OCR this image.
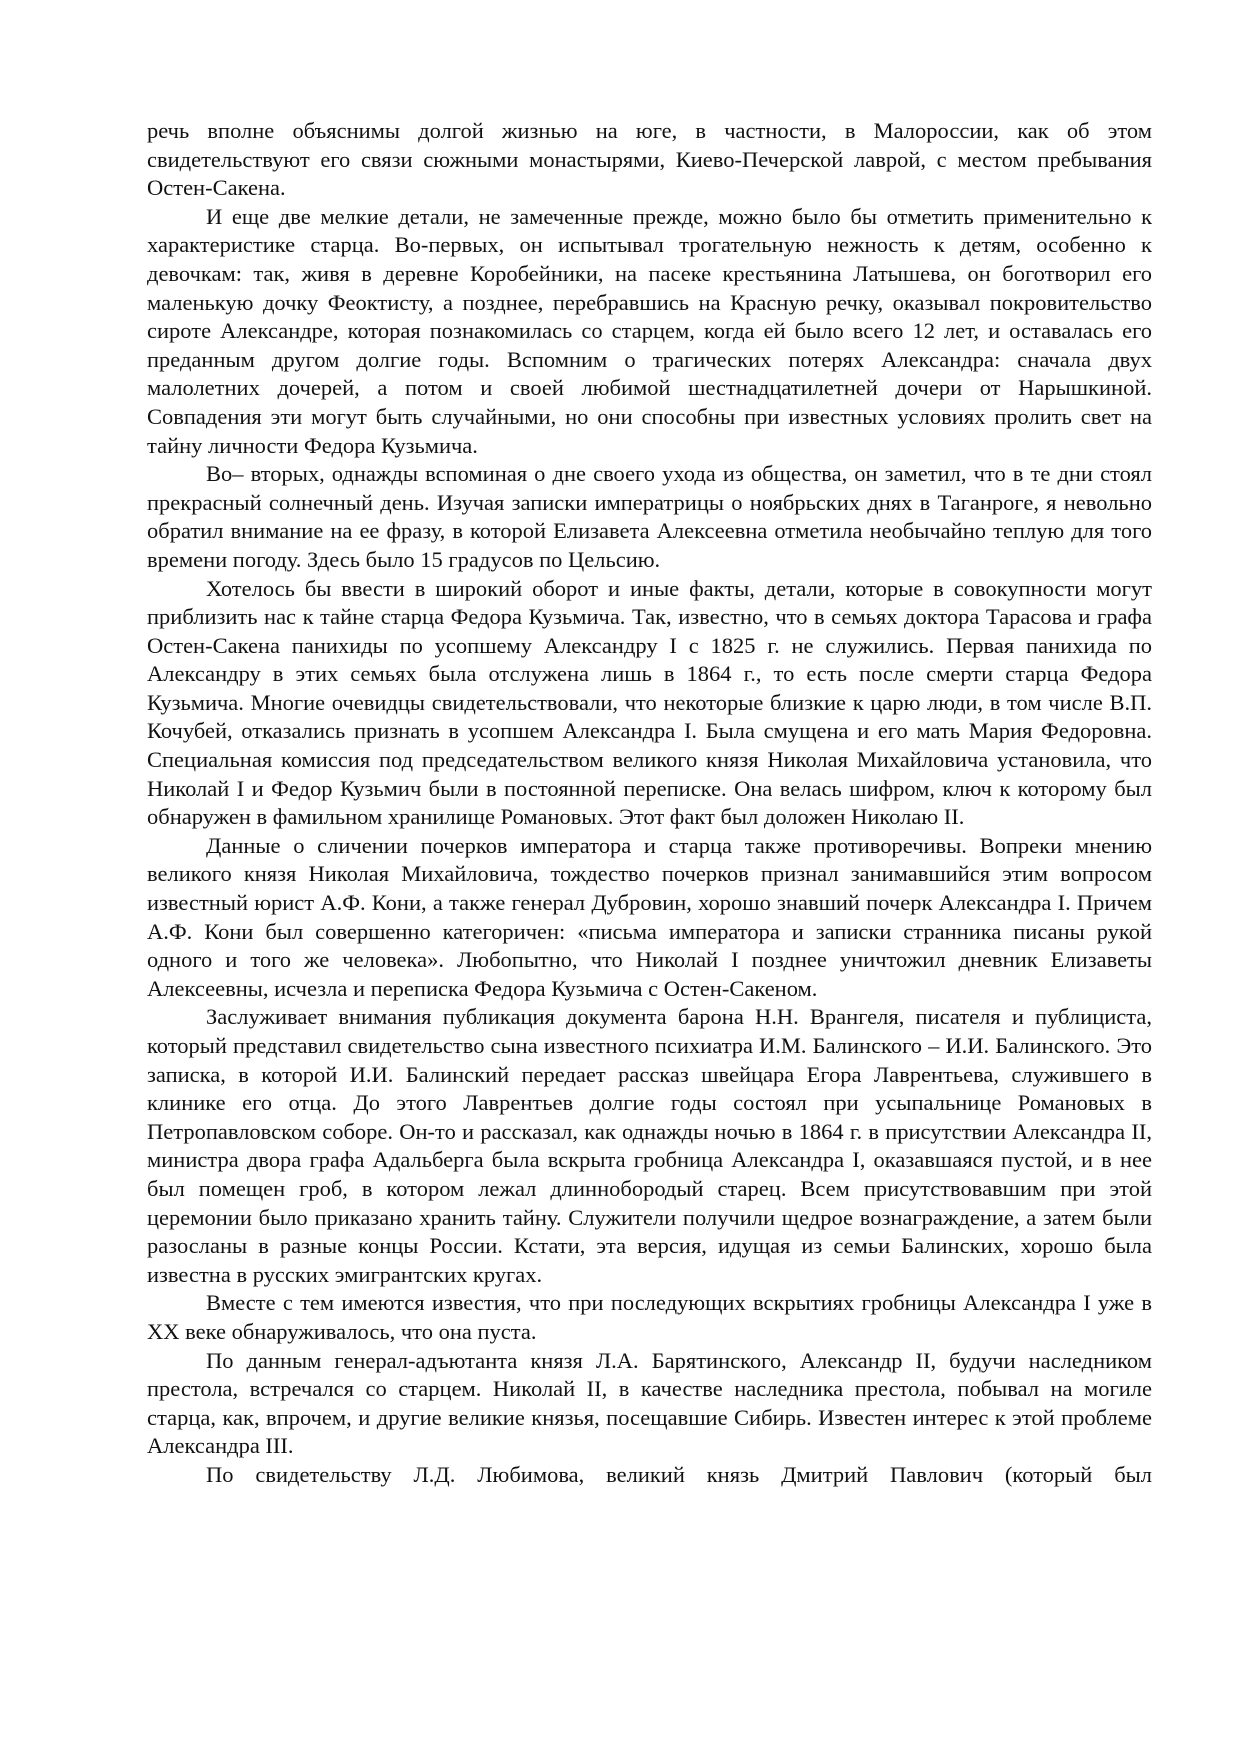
речь вполне объяснимы долгой жизнью на юге, в частности, в Малороссии, как об этом свидетельствуют его связи сюжными монастырями, Киево-Печерской лаврой, с местом пребывания Остен-Сакена.

И еще две мелкие детали, не замеченные прежде, можно было бы отметить применительно к характеристике старца. Во-первых, он испытывал трогательную нежность к детям, особенно к девочкам: так, живя в деревне Коробейники, на пасеке крестьянина Латышева, он боготворил его маленькую дочку Феоктисту, а позднее, перебравшись на Красную речку, оказывал покровительство сироте Александре, которая познакомилась со старцем, когда ей было всего 12 лет, и оставалась его преданным другом долгие годы. Вспомним о трагических потерях Александра: сначала двух малолетних дочерей, а потом и своей любимой шестнадцатилетней дочери от Нарышкиной. Совпадения эти могут быть случайными, но они способны при известных условиях пролить свет на тайну личности Федора Кузьмича.

Во– вторых, однажды вспоминая о дне своего ухода из общества, он заметил, что в те дни стоял прекрасный солнечный день. Изучая записки императрицы о ноябрьских днях в Таганроге, я невольно обратил внимание на ее фразу, в которой Елизавета Алексеевна отметила необычайно теплую для того времени погоду. Здесь было 15 градусов по Цельсию.

Хотелось бы ввести в широкий оборот и иные факты, детали, которые в совокупности могут приблизить нас к тайне старца Федора Кузьмича. Так, известно, что в семьях доктора Тарасова и графа Остен-Сакена панихиды по усопшему Александру I с 1825 г. не служились. Первая панихида по Александру в этих семьях была отслужена лишь в 1864 г., то есть после смерти старца Федора Кузьмича. Многие очевидцы свидетельствовали, что некоторые близкие к царю люди, в том числе В.П. Кочубей, отказались признать в усопшем Александра I. Была смущена и его мать Мария Федоровна. Специальная комиссия под председательством великого князя Николая Михайловича установила, что Николай I и Федор Кузьмич были в постоянной переписке. Она велась шифром, ключ к которому был обнаружен в фамильном хранилище Романовых. Этот факт был доложен Николаю II.

Данные о сличении почерков императора и старца также противоречивы. Вопреки мнению великого князя Николая Михайловича, тождество почерков признал занимавшийся этим вопросом известный юрист А.Ф. Кони, а также генерал Дубровин, хорошо знавший почерк Александра I. Причем А.Ф. Кони был совершенно категоричен: «письма императора и записки странника писаны рукой одного и того же человека». Любопытно, что Николай I позднее уничтожил дневник Елизаветы Алексеевны, исчезла и переписка Федора Кузьмича с Остен-Сакеном.

Заслуживает внимания публикация документа барона Н.Н. Врангеля, писателя и публициста, который представил свидетельство сына известного психиатра И.М. Балинского – И.И. Балинского. Это записка, в которой И.И. Балинский передает рассказ швейцара Егора Лаврентьева, служившего в клинике его отца. До этого Лаврентьев долгие годы состоял при усыпальнице Романовых в Петропавловском соборе. Он-то и рассказал, как однажды ночью в 1864 г. в присутствии Александра II, министра двора графа Адальберга была вскрыта гробница Александра I, оказавшаяся пустой, и в нее был помещен гроб, в котором лежал длиннобородый старец. Всем присутствовавшим при этой церемонии было приказано хранить тайну. Служители получили щедрое вознаграждение, а затем были разосланы в разные концы России. Кстати, эта версия, идущая из семьи Балинских, хорошо была известна в русских эмигрантских кругах.

Вместе с тем имеются известия, что при последующих вскрытиях гробницы Александра I уже в XX веке обнаруживалось, что она пуста.

По данным генерал-адъютанта князя Л.А. Барятинского, Александр II, будучи наследником престола, встречался со старцем. Николай II, в качестве наследника престола, побывал на могиле старца, как, впрочем, и другие великие князья, посещавшие Сибирь. Известен интерес к этой проблеме Александра III.

По свидетельству Л.Д. Любимова, великий князь Дмитрий Павлович (который был
